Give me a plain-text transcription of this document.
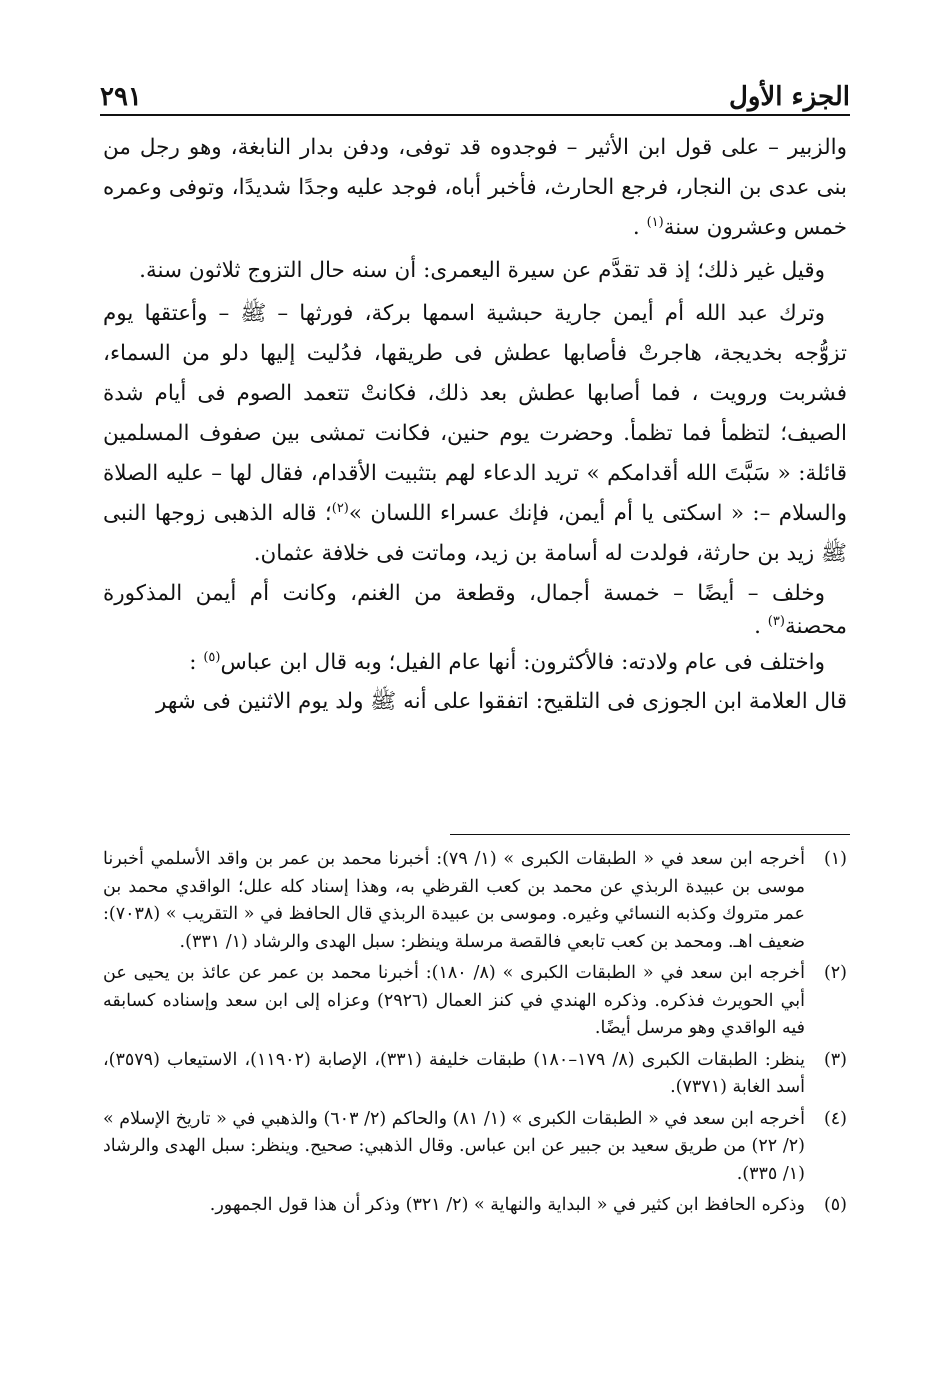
الجزء الأول
٢٩١

والزبير – على قول ابن الأثير – فوجدوه قد توفى، ودفن بدار النابغة، وهو رجل من بنى عدى بن النجار، فرجع الحارث، فأخبر أباه، فوجد عليه وجدًا شديدًا، وتوفى وعمره خمس وعشرون سنة$^{(١)}$ .

وقيل غير ذلك؛ إذ قد تقدَّم عن سيرة اليعمرى: أن سنه حال التزوج ثلاثون سنة.

وترك عبد الله أم أيمن جارية حبشية اسمها بركة، فورثها – ﷺ – وأعتقها يوم تزوُّجه بخديجة، هاجرتْ فأصابها عطش فى طريقها، فدُليت إليها دلو من السماء، فشربت ورويت ، فما أصابها عطش بعد ذلك، فكانتْ تتعمد الصوم فى أيام شدة الصيف؛ لتظمأ فما تظمأ. وحضرت يوم حنين، فكانت تمشى بين صفوف المسلمين قائلة: « سَبَّتَ الله أقدامكم » تريد الدعاء لهم بتثبيت الأقدام، فقال لها – عليه الصلاة والسلام –: « اسكتى يا أم أيمن، فإنك عسراء اللسان »$^{(٢)}$؛ قاله الذهبى زوجها النبى ﷺ زيد بن حارثة، فولدت له أسامة بن زيد، وماتت فى خلافة عثمان.

وخلف – أيضًا – خمسة أجمال، وقطعة من الغنم، وكانت أم أيمن المذكورة محصنة$^{(٣)}$ .

واختلف فى عام ولادته: فالأكثرون: أنها عام الفيل؛ وبه قال ابن عباس$^{(٥)}$ :

قال العلامة ابن الجوزى فى التلقيح: اتفقوا على أنه ﷺ ولد يوم الاثنين فى شهر

(١)
أخرجه ابن سعد في « الطبقات الكبرى » (١/ ٧٩): أخبرنا محمد بن عمر بن واقد الأسلمي أخبرنا موسى بن عبيدة الربذي عن محمد بن كعب القرظي به، وهذا إسناد كله علل؛ الواقدي محمد بن عمر متروك وكذبه النسائي وغيره. وموسى بن عبيدة الربذي قال الحافظ في « التقريب » (٧٠٣٨): ضعيف اهـ. ومحمد بن كعب تابعي فالقصة مرسلة وينظر: سبل الهدى والرشاد (١/ ٣٣١).
(٢)
أخرجه ابن سعد في « الطبقات الكبرى » (٨/ ١٨٠): أخبرنا محمد بن عمر عن عائذ بن يحيى عن أبي الحويرث فذكره. وذكره الهندي في كنز العمال (٢٩٢٦) وعزاه إلى ابن سعد وإسناده كسابقه فيه الواقدي وهو مرسل أيضًا.
(٣)
ينظر: الطبقات الكبرى (٨/ ١٧٩–١٨٠) طبقات خليفة (٣٣١)، الإصابة (١١٩٠٢)، الاستيعاب (٣٥٧٩)، أسد الغابة (٧٣٧١).
(٤)
أخرجه ابن سعد في « الطبقات الكبرى » (١/ ٨١) والحاكم (٢/ ٦٠٣) والذهبي في « تاريخ الإسلام » (٢/ ٢٢) من طريق سعيد بن جبير عن ابن عباس. وقال الذهبي: صحيح. وينظر: سبل الهدى والرشاد (١/ ٣٣٥).
(٥)
وذكره الحافظ ابن كثير في « البداية والنهاية » (٢/ ٣٢١) وذكر أن هذا قول الجمهور.
